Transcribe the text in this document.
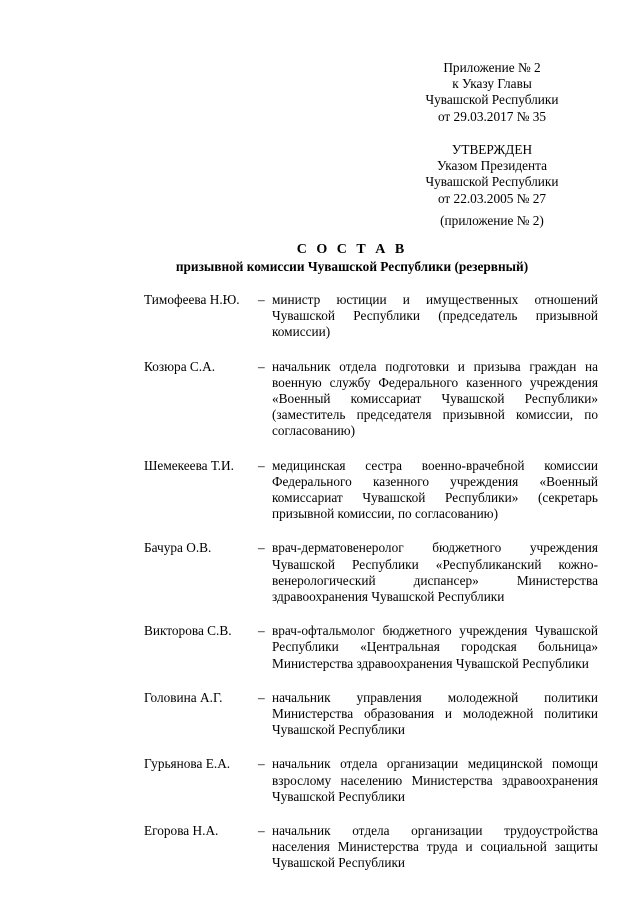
Приложение № 2
к Указу Главы
Чувашской Республики
от 29.03.2017 № 35
УТВЕРЖДЕН
Указом Президента
Чувашской Республики
от 22.03.2005 № 27
(приложение № 2)
С О С Т А В
призывной комиссии Чувашской Республики (резервный)
Тимофеева Н.Ю.	– министр юстиции и имущественных отношений Чувашской Республики (председатель призывной комиссии)
Козюра С.А.	– начальник отдела подготовки и призыва граждан на военную службу Федерального казенного учреждения «Военный комиссариат Чувашской Республики» (заместитель председателя призывной комиссии, по согласованию)
Шемекеева Т.И.	– медицинская сестра военно-врачебной комиссии Федерального казенного учреждения «Военный комиссариат Чувашской Республики» (секретарь призывной комиссии, по согласованию)
Бачура О.В.	– врач-дерматовенеролог бюджетного учреждения Чувашской Республики «Республиканский кожно-венерологический диспансер» Министерства здравоохранения Чувашской Республики
Викторова С.В.	– врач-офтальмолог бюджетного учреждения Чувашской Республики «Центральная городская больница» Министерства здравоохранения Чувашской Республики
Головина А.Г.	– начальник управления молодежной политики Министерства образования и молодежной политики Чувашской Республики
Гурьянова Е.А.	– начальник отдела организации медицинской помощи взрослому населению Министерства здравоохранения Чувашской Республики
Егорова Н.А.	– начальник отдела организации трудоустройства населения Министерства труда и социальной защиты Чувашской Республики
